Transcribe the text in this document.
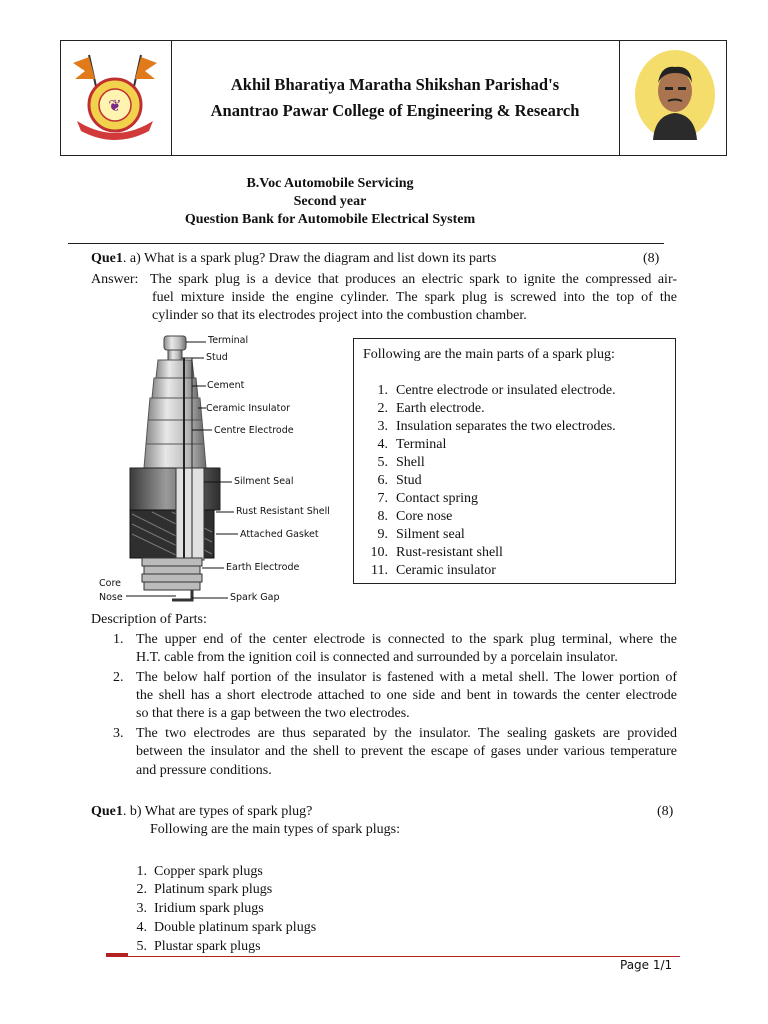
❦
Akhil Bharatiya Maratha Shikshan Parishad's
Anantrao Pawar College of Engineering & Research
B.Voc Automobile Servicing
Second year
Question Bank for Automobile Electrical System
Que1. a) What is a spark plug? Draw the diagram and list down its parts	(8)
Answer: The spark plug is a device that produces an electric spark to ignite the compressed air-
fuel mixture inside the engine cylinder. The spark plug is screwed into the top of the
cylinder so that its electrodes project into the combustion chamber.
Terminal
Stud
Cement
Ceramic Insulator
Centre Electrode
Silment Seal
Rust Resistant Shell
Attached Gasket
Earth Electrode
Core
Nose	Spark Gap
Following are the main parts of a spark plug:
1. Centre electrode or insulated electrode.
2. Earth electrode.
3. Insulation separates the two electrodes.
4. Terminal
5. Shell
6. Stud
7. Contact spring
8. Core nose
9. Silment seal
10. Rust-resistant shell
11. Ceramic insulator
Description of Parts:
1. The upper end of the center electrode is connected to the spark plug terminal, where the
H.T. cable from the ignition coil is connected and surrounded by a porcelain insulator.
2. The below half portion of the insulator is fastened with a metal shell. The lower portion of
the shell has a short electrode attached to one side and bent in towards the center electrode
so that there is a gap between the two electrodes.
3. The two electrodes are thus separated by the insulator. The sealing gaskets are provided
between the insulator and the shell to prevent the escape of gases under various temperature
and pressure conditions.
Que1. b) What are types of spark plug?	(8)
Following are the main types of spark plugs:
1.  Copper spark plugs
2.  Platinum spark plugs
3.  Iridium spark plugs
4.  Double platinum spark plugs
5.  Plustar spark plugs
Page 1/1
